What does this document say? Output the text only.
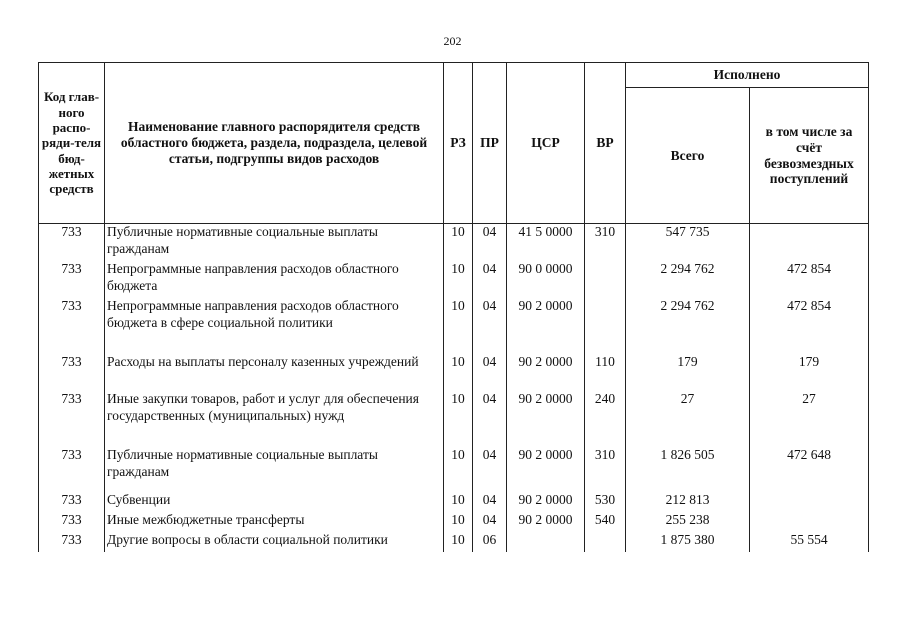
202
Код глав-ного распо-ряди-теля бюд-жетных средств	Наименование главного распорядителя средств областного бюджета, раздела, подраздела, целевой статьи, подгруппы видов расходов	РЗ	ПР	ЦСР	ВР	Исполнено	
						Всего	в том числе за счёт безвозмездных поступлений
733	Публичные нормативные социальные выплаты гражданам	10	04	41 5 0000	310	547 735	
733	Непрограммные направления расходов областного бюджета	10	04	90 0 0000		2 294 762	472 854
733	Непрограммные направления расходов областного бюджета в сфере социальной политики	10	04	90 2 0000		2 294 762	472 854
733	Расходы на выплаты персоналу казенных учреждений	10	04	90 2 0000	110	179	179
733	Иные закупки товаров, работ и услуг для обеспечения государственных (муниципальных) нужд	10	04	90 2 0000	240	27	27
733	Публичные нормативные социальные выплаты гражданам	10	04	90 2 0000	310	1 826 505	472 648

733	Субвенции	10	04	90 2 0000	530	212 813	
733	Иные межбюджетные трансферты	10	04	90 2 0000	540	255 238	
733	Другие вопросы в области социальной политики	10	06			1 875 380	55 554
